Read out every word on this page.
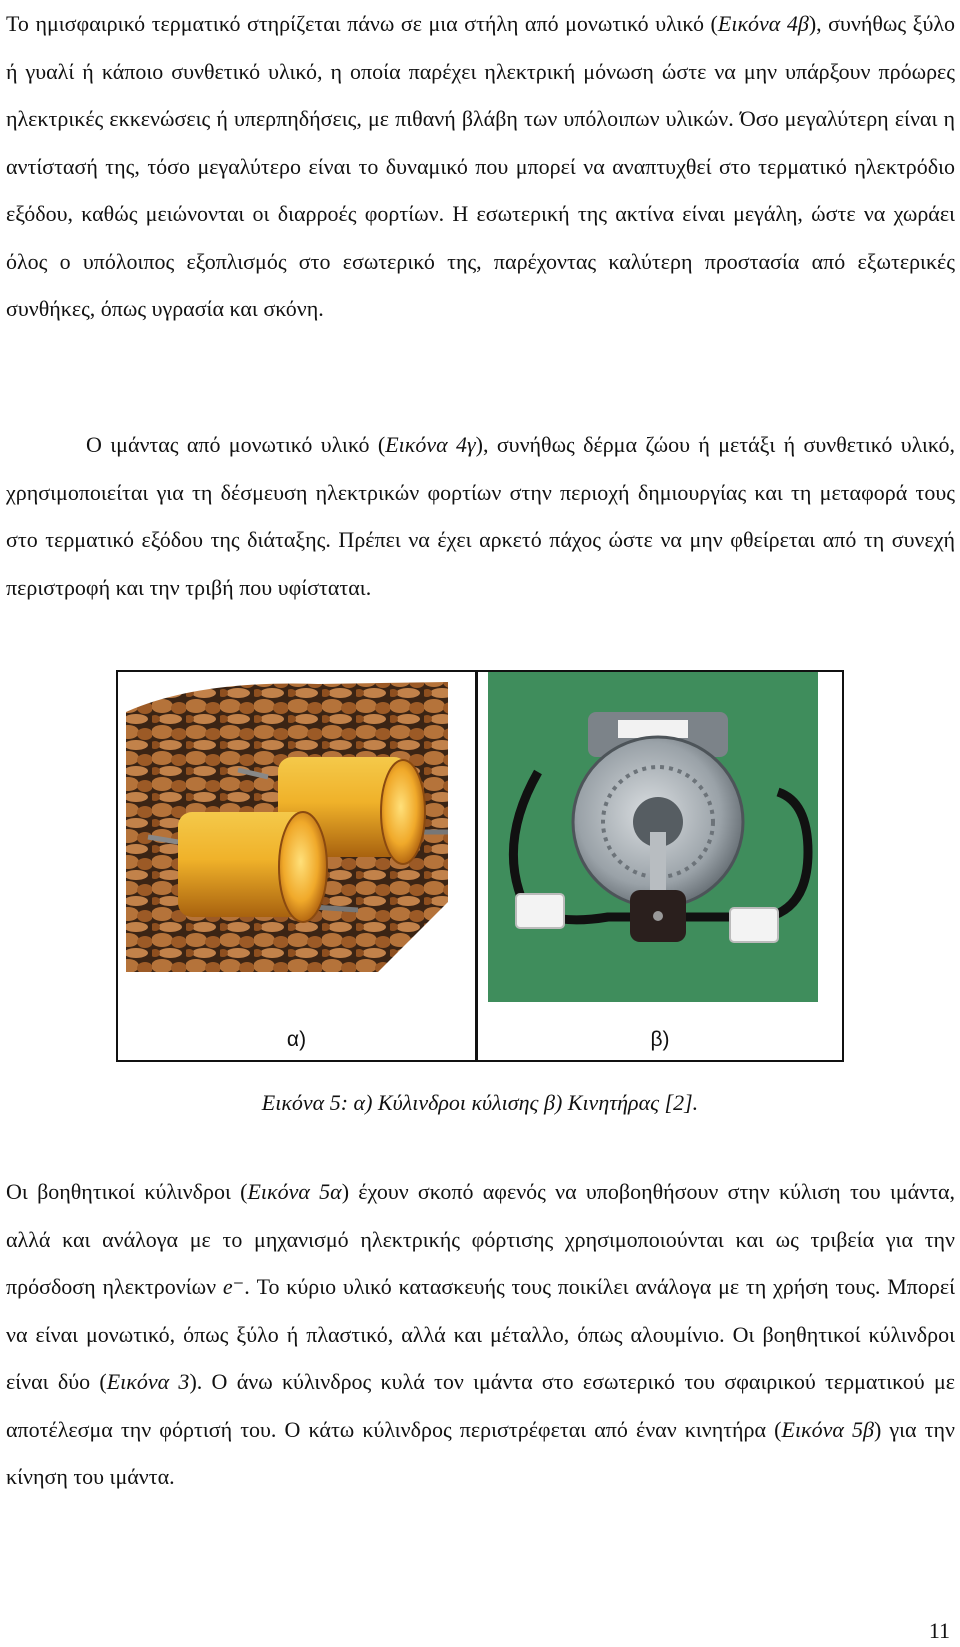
Το ημισφαιρικό τερματικό στηρίζεται πάνω σε μια στήλη από μονωτικό υλικό (Εικόνα 4β), συνήθως ξύλο ή γυαλί ή κάποιο συνθετικό υλικό, η οποία παρέχει ηλεκτρική μόνωση ώστε να μην υπάρξουν πρόωρες ηλεκτρικές εκκενώσεις ή υπερπηδήσεις, με πιθανή βλάβη των υπόλοιπων υλικών. Όσο μεγαλύτερη είναι η αντίστασή της, τόσο μεγαλύτερο είναι το δυναμικό που μπορεί να αναπτυχθεί στο τερματικό ηλεκτρόδιο εξόδου, καθώς μειώνονται οι διαρροές φορτίων. Η εσωτερική της ακτίνα είναι μεγάλη, ώστε να χωράει όλος ο υπόλοιπος εξοπλισμός στο εσωτερικό της, παρέχοντας καλύτερη προστασία από εξωτερικές συνθήκες, όπως υγρασία και σκόνη.

Ο ιμάντας από μονωτικό υλικό (Εικόνα 4γ), συνήθως δέρμα ζώου ή μετάξι ή συνθετικό υλικό, χρησιμοποιείται για τη δέσμευση ηλεκτρικών φορτίων στην περιοχή δημιουργίας και τη μεταφορά τους στο τερματικό εξόδου της διάταξης. Πρέπει να έχει αρκετό πάχος ώστε να μην φθείρεται από τη συνεχή περιστροφή και την τριβή που υφίσταται.

α)	β)
Εικόνα 5: α) Κύλινδροι κύλισης β) Κινητήρας [2].

Οι βοηθητικοί κύλινδροι (Εικόνα 5α) έχουν σκοπό αφενός να υποβοηθήσουν στην κύλιση του ιμάντα, αλλά και ανάλογα με το μηχανισμό ηλεκτρικής φόρτισης χρησιμοποιούνται και ως τριβεία για την πρόσδοση ηλεκτρονίων e⁻. Το κύριο υλικό κατασκευής τους ποικίλει ανάλογα με τη χρήση τους. Μπορεί να είναι μονωτικό, όπως ξύλο ή πλαστικό, αλλά και μέταλλο, όπως αλουμίνιο. Οι βοηθητικοί κύλινδροι είναι δύο (Εικόνα 3). Ο άνω κύλινδρος κυλά τον ιμάντα στο εσωτερικό του σφαιρικού τερματικού με αποτέλεσμα την φόρτισή του. Ο κάτω κύλινδρος περιστρέφεται από έναν κινητήρα (Εικόνα 5β) για την κίνηση του ιμάντα.

11
